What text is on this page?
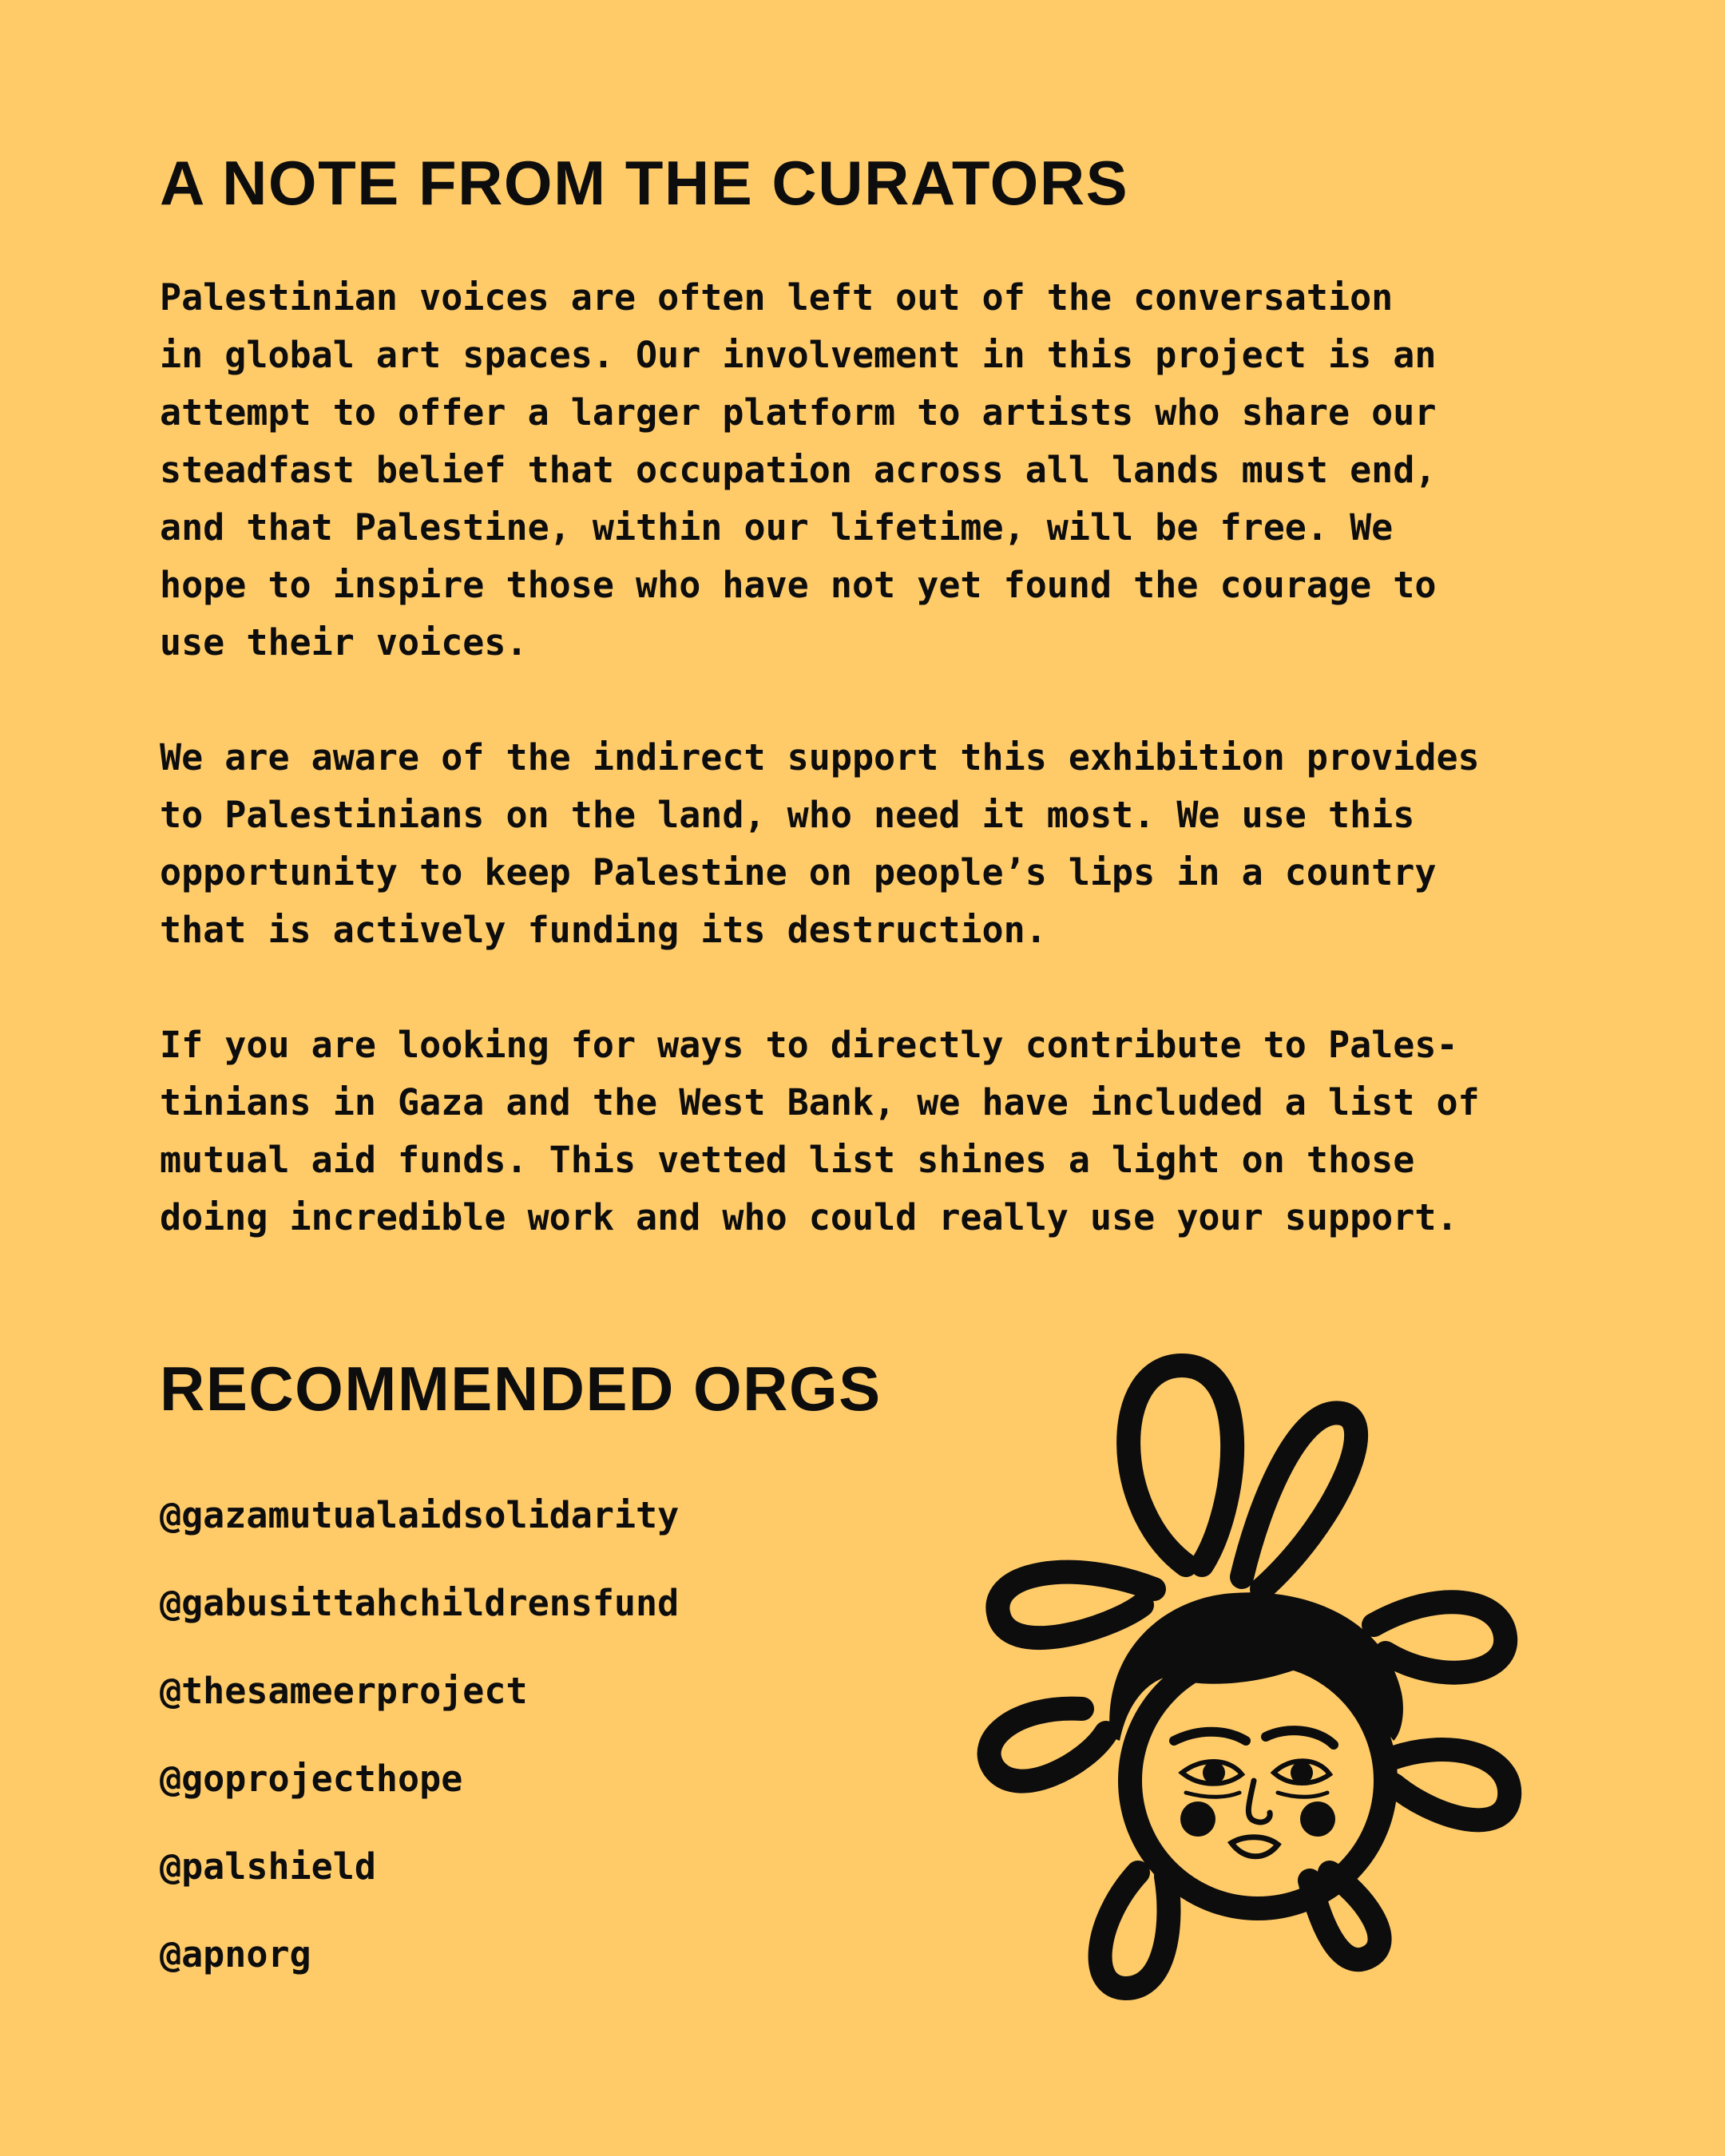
A NOTE FROM THE CURATORS

Palestinian voices are often left out of the conversation
in global art spaces. Our involvement in this project is an
attempt to offer a larger platform to artists who share our
steadfast belief that occupation across all lands must end,
and that Palestine, within our lifetime, will be free. We
hope to inspire those who have not yet found the courage to
use their voices.

We are aware of the indirect support this exhibition provides
to Palestinians on the land, who need it most. We use this
opportunity to keep Palestine on people’s lips in a country
that is actively funding its destruction.

If you are looking for ways to directly contribute to Pales-
tinians in Gaza and the West Bank, we have included a list of
mutual aid funds. This vetted list shines a light on those
doing incredible work and who could really use your support.

RECOMMENDED ORGS
@gazamutualaidsolidarity
@gabusittahchildrensfund
@thesameerproject
@goprojecthope
@palshield
@apnorg
